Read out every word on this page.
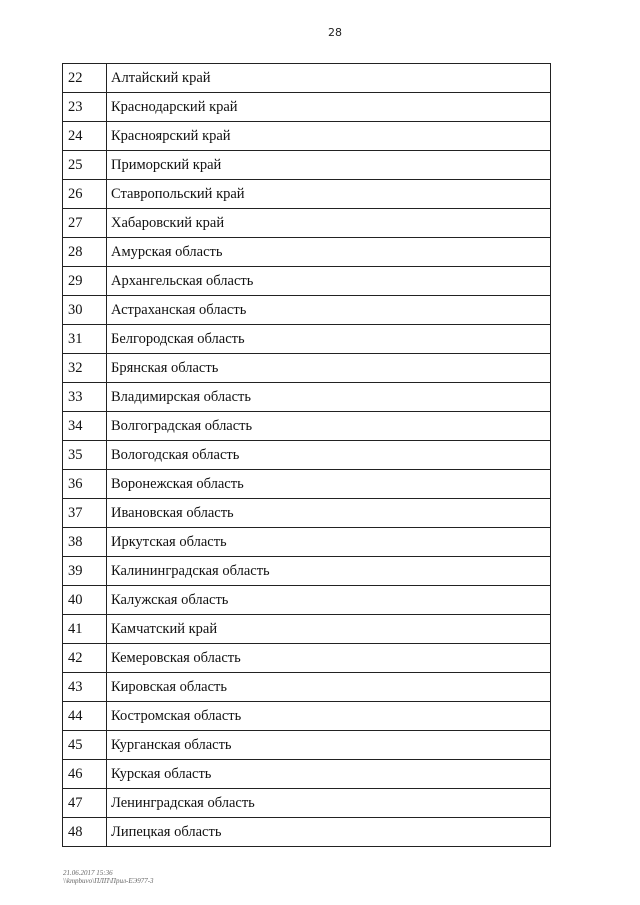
28
22	Алтайский край
23	Краснодарский край
24	Красноярский край
25	Приморский край
26	Ставропольский край
27	Хабаровский край
28	Амурская область
29	Архангельская область
30	Астраханская область
31	Белгородская область
32	Брянская область
33	Владимирская область
34	Волгоградская область
35	Вологодская область
36	Воронежская область
37	Ивановская область
38	Иркутская область
39	Калининградская область
40	Калужская область
41	Камчатский край
42	Кемеровская область
43	Кировская область
44	Костромская область
45	Курганская область
46	Курская область
47	Ленинградская область
48	Липецкая область
21.06.2017 15:36
\\kmpbuvo\ПЛП\Прил-ЕЭ977-3
